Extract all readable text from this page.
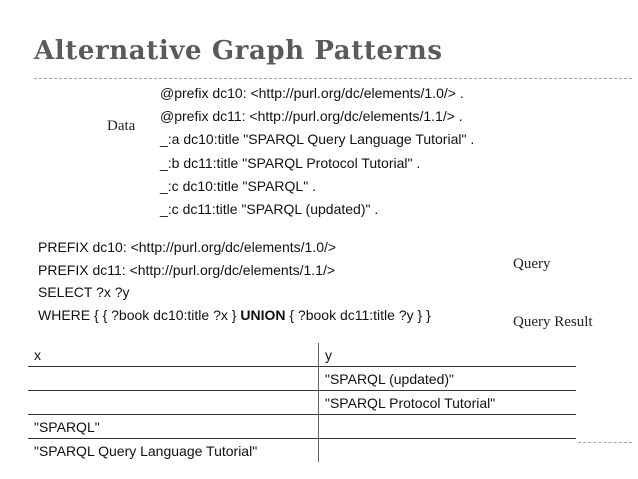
Alternative Graph Patterns
Data
@prefix dc10: <http://purl.org/dc/elements/1.0/> .
@prefix dc11: <http://purl.org/dc/elements/1.1/> .
_:a dc10:title "SPARQL Query Language Tutorial" .
_:b dc11:title "SPARQL Protocol Tutorial" .
_:c dc10:title "SPARQL" .
_:c dc11:title "SPARQL (updated)" .
PREFIX dc10: <http://purl.org/dc/elements/1.0/>
PREFIX dc11: <http://purl.org/dc/elements/1.1/>
SELECT ?x ?y
WHERE { { ?book dc10:title ?x } UNION { ?book dc11:title ?y } }
Query
Query Result
x	y
	"SPARQL (updated)"
	"SPARQL Protocol Tutorial"
"SPARQL"	
"SPARQL Query Language Tutorial"	
